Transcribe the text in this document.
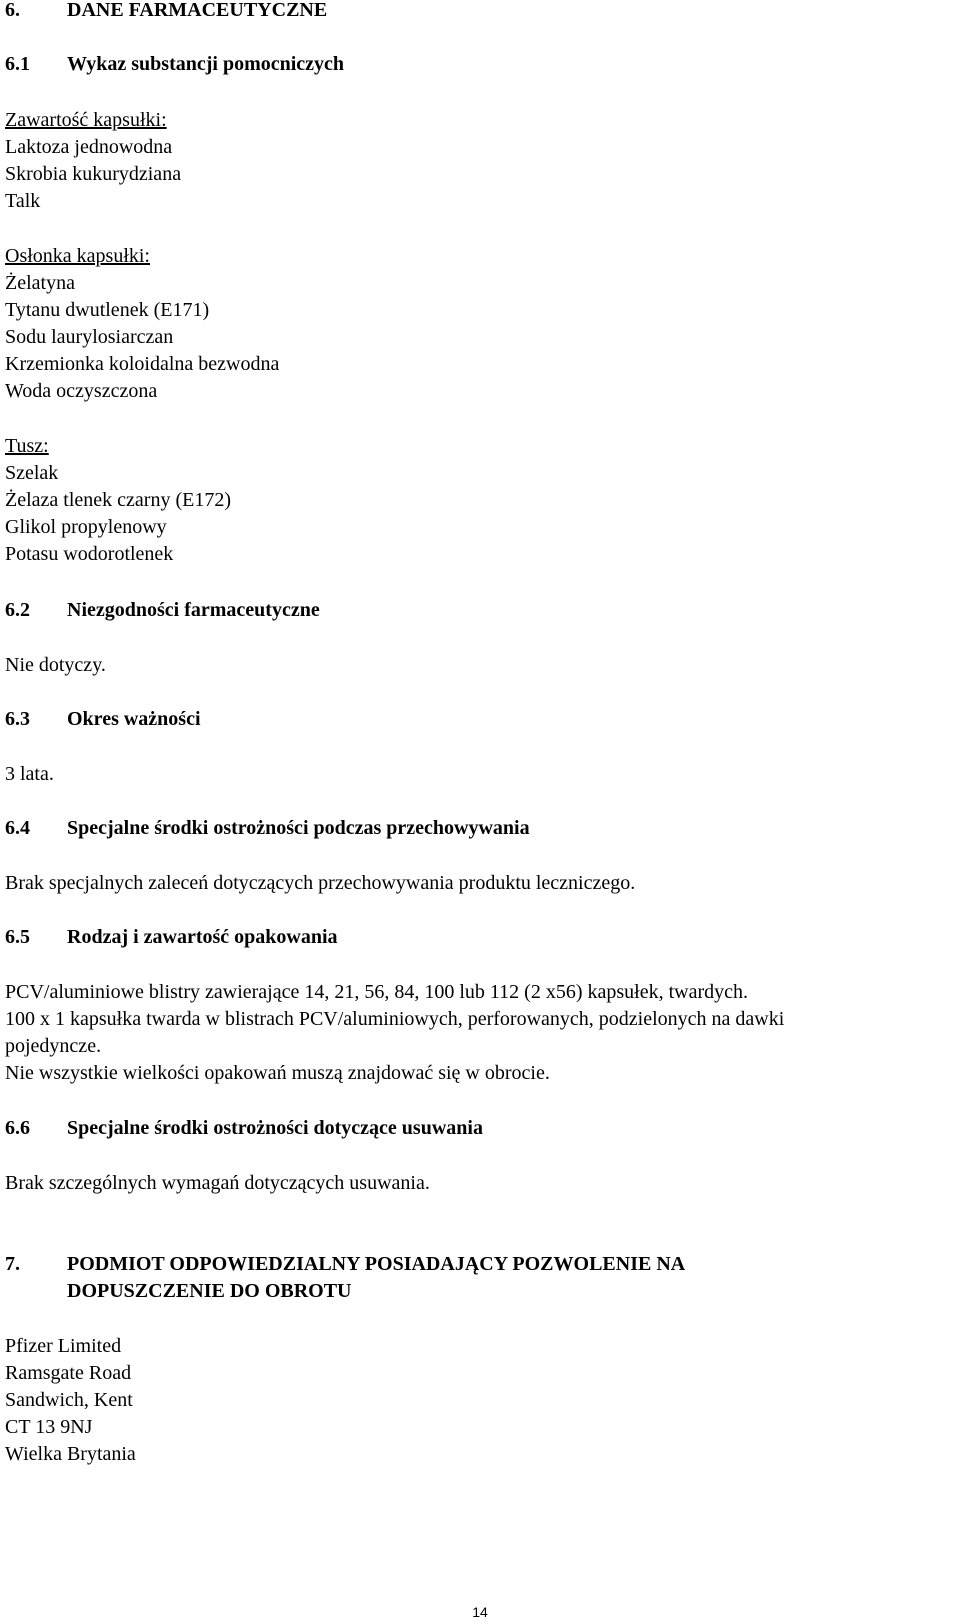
6. DANE FARMACEUTYCZNE
6.1 Wykaz substancji pomocniczych
Zawartość kapsułki:
Laktoza jednowodna
Skrobia kukurydziana
Talk
Osłonka kapsułki:
Żelatyna
Tytanu dwutlenek (E171)
Sodu laurylosiarczan
Krzemionka koloidalna bezwodna
Woda oczyszczona
Tusz:
Szelak
Żelaza tlenek czarny (E172)
Glikol propylenowy
Potasu wodorotlenek
6.2 Niezgodności farmaceutyczne
Nie dotyczy.
6.3 Okres ważności
3 lata.
6.4 Specjalne środki ostrożności podczas przechowywania
Brak specjalnych zaleceń dotyczących przechowywania produktu leczniczego.
6.5 Rodzaj i zawartość opakowania
PCV/aluminiowe blistry zawierające 14, 21, 56, 84, 100 lub 112 (2 x56) kapsułek, twardych.
100 x 1 kapsułka twarda w blistrach PCV/aluminiowych, perforowanych, podzielonych na dawki
pojedyncze.
Nie wszystkie wielkości opakowań muszą znajdować się w obrocie.
6.6 Specjalne środki ostrożności dotyczące usuwania
Brak szczególnych wymagań dotyczących usuwania.
7. PODMIOT ODPOWIEDZIALNY POSIADAJĄCY POZWOLENIE NA
DOPUSZCZENIE DO OBROTU
Pfizer Limited
Ramsgate Road
Sandwich, Kent
CT 13 9NJ
Wielka Brytania
14
